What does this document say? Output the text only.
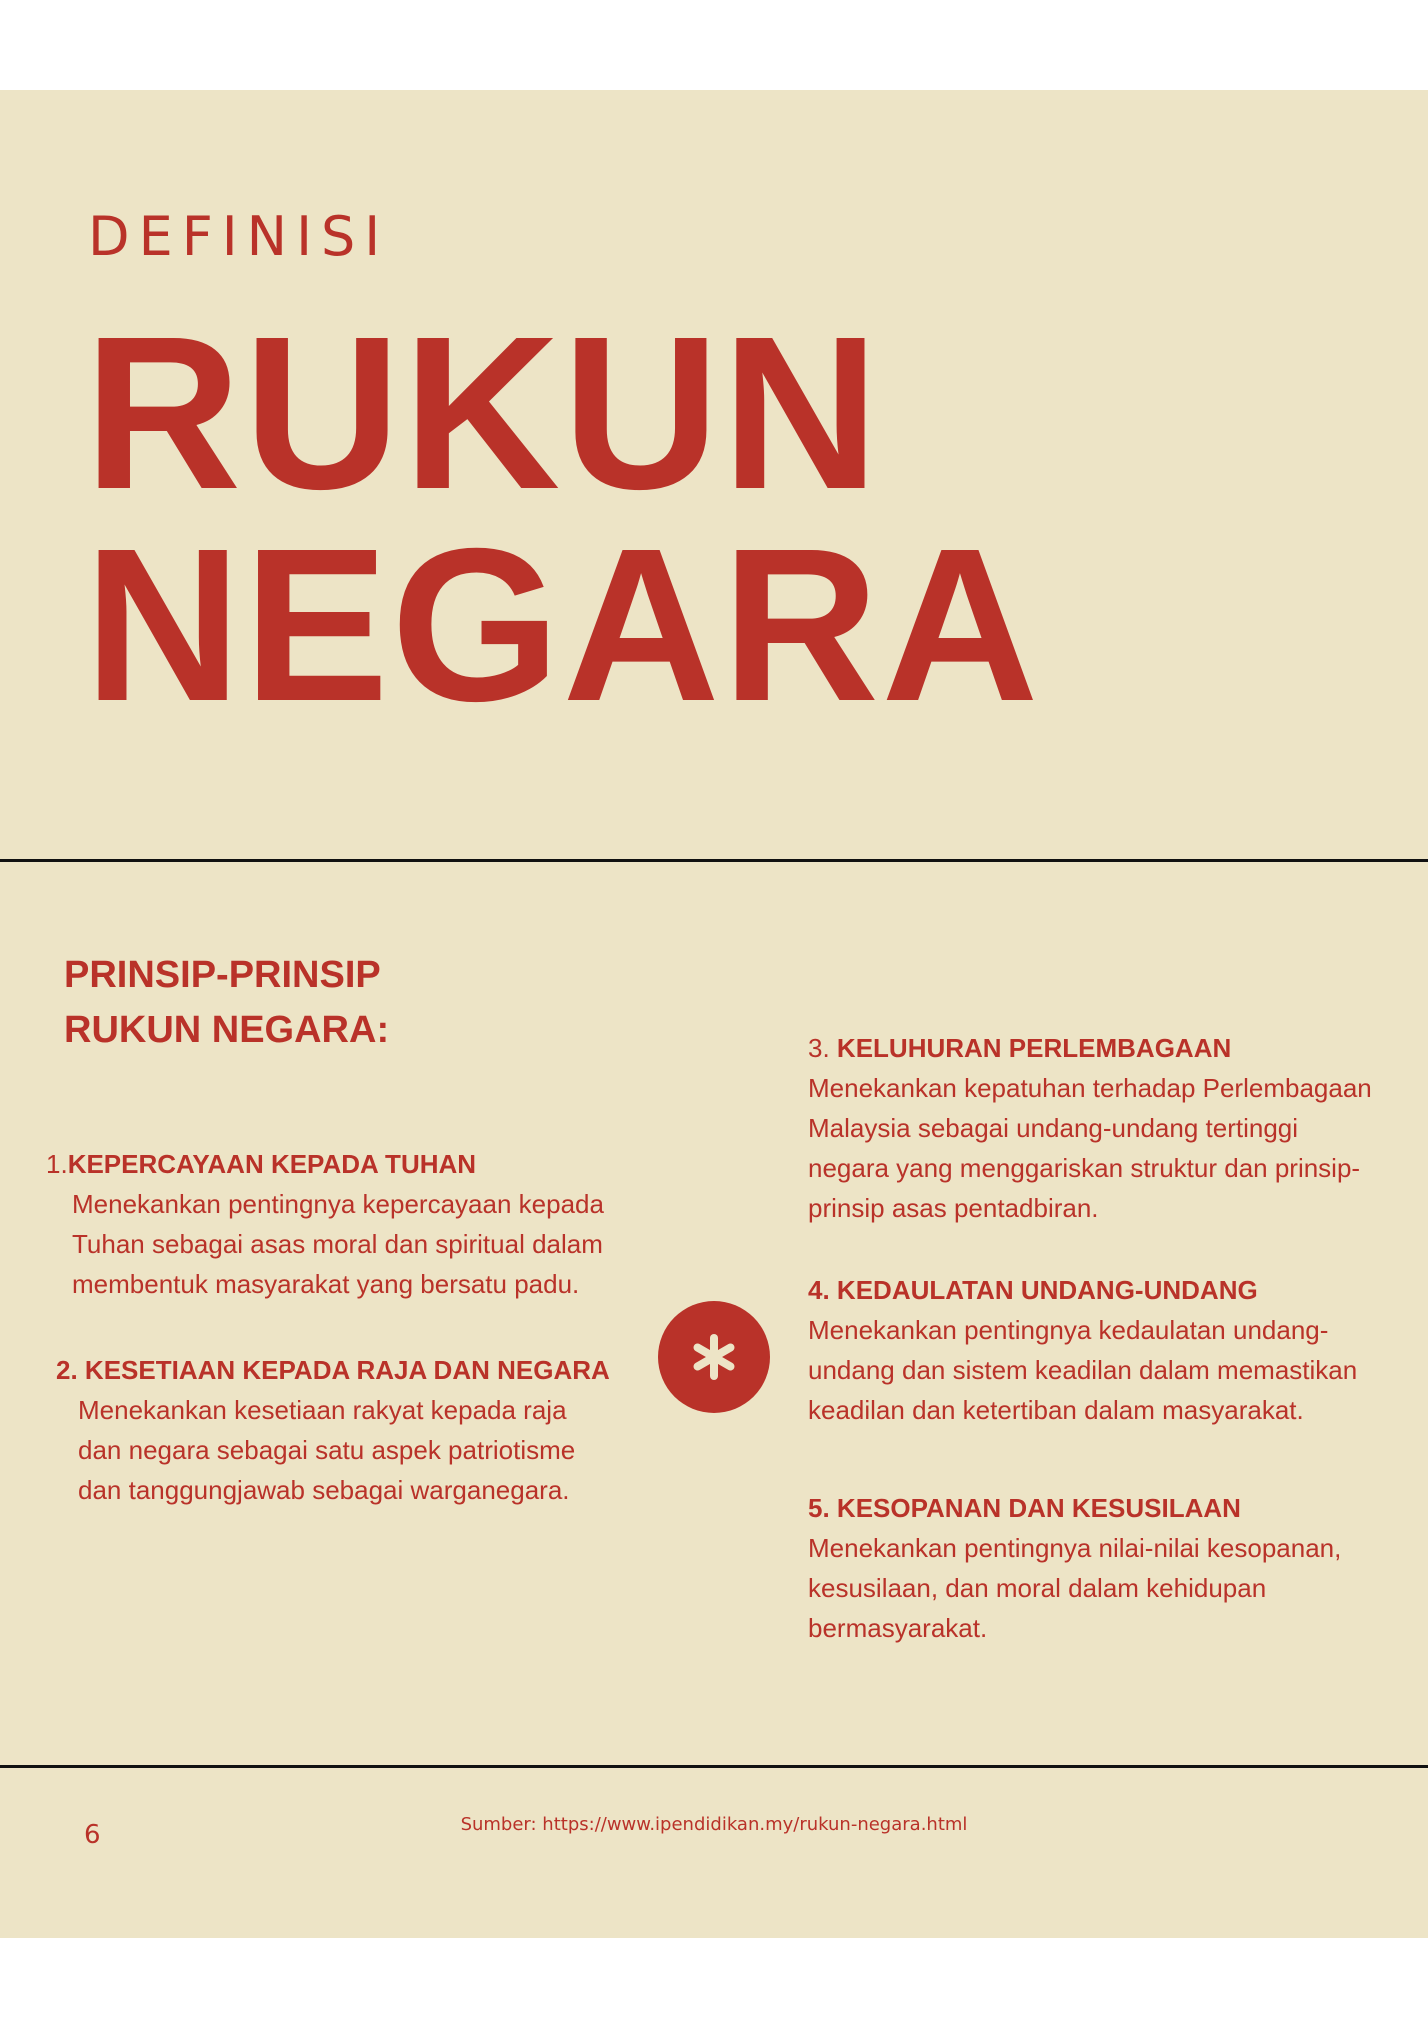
DEFINISI
RUKUN
NEGARA
PRINSIP-PRINSIP
RUKUN NEGARA:
1.KEPERCAYAAN KEPADA TUHAN
Menekankan pentingnya kepercayaan kepada
Tuhan sebagai asas moral dan spiritual dalam
membentuk masyarakat yang bersatu padu.
2. KESETIAAN KEPADA RAJA DAN NEGARA
Menekankan kesetiaan rakyat kepada raja
dan negara sebagai satu aspek patriotisme
dan tanggungjawab sebagai warganegara.
3. KELUHURAN PERLEMBAGAAN
Menekankan kepatuhan terhadap Perlembagaan
Malaysia sebagai undang-undang tertinggi
negara yang menggariskan struktur dan prinsip-
prinsip asas pentadbiran.
4. KEDAULATAN UNDANG-UNDANG
Menekankan pentingnya kedaulatan undang-
undang dan sistem keadilan dalam memastikan
keadilan dan ketertiban dalam masyarakat.
5. KESOPANAN DAN KESUSILAAN
Menekankan pentingnya nilai-nilai kesopanan,
kesusilaan, dan moral dalam kehidupan
bermasyarakat.
6	Sumber: https://www.ipendidikan.my/rukun-negara.html
